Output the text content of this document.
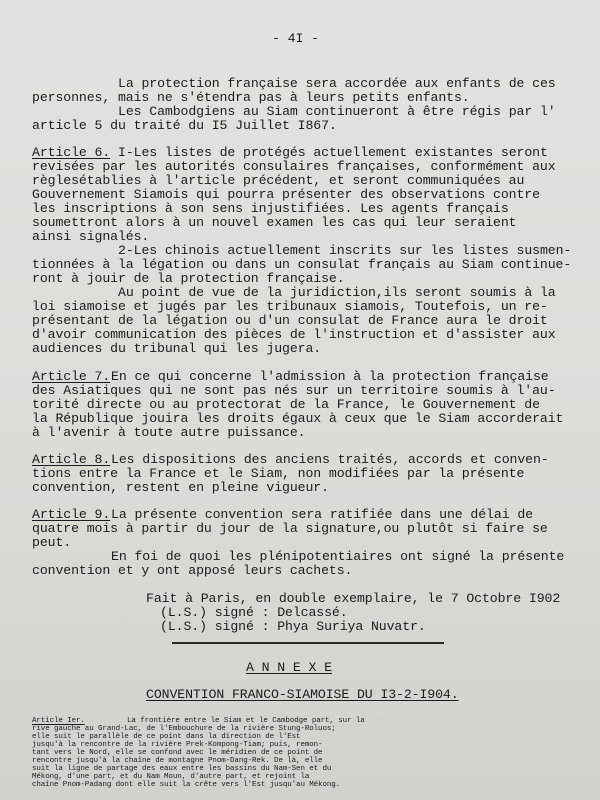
- 4I -
La protection française sera accordée aux enfants de ces
personnes, mais ne s'étendra pas à leurs petits enfants.
Les Cambodgiens au Siam continueront à être régis par l'
article 5 du traité du I5 Juillet I867.
Article 6. I-Les listes de protégés actuellement existantes seront
revisées par les autorités consulaires françaises, conformément aux
règlesétablies à l'article précédent, et seront communiquées au
Gouvernement Siamois qui pourra présenter des observations contre
les inscriptions à son sens injustifiées. Les agents français
soumettront alors à un nouvel examen les cas qui leur seraient
ainsi signalés.
2-Les chinois actuellement inscrits sur les listes susmen-
tionnées à la légation ou dans un consulat français au Siam continue-
ront à jouir de la protection française.
Au point de vue de la juridiction,ils seront soumis à la
loi siamoise et jugés par les tribunaux siamois, Toutefois, un re-
présentant de la légation ou d'un consulat de France aura le droit
d'avoir communication des pièces de l'instruction et d'assister aux
audiences du tribunal qui les jugera.
Article 7. En ce qui concerne l'admission à la protection française
des Asiatiques qui ne sont pas nés sur un territoire soumis à l'au-
torité directe ou au protectorat de la France, le Gouvernement de
la République jouira les droits égaux à ceux que le Siam accorderait
à l'avenir à toute autre puissance.
Article 8. Les dispositions des anciens traités, accords et conven-
tions entre la France et le Siam, non modifiées par la présente
convention, restent en pleine vigueur.
Article 9. La présente convention sera ratifiée dans une délai de
quatre mois à partir du jour de la signature,ou plutôt si faire se
peut.
En foi de quoi les plénipotentiaires ont signé la présente
convention et y ont apposé leurs cachets.
Fait à Paris, en double exemplaire, le 7 Octobre I902
(L.S.) signé : Delcassé.
(L.S.) signé : Phya Suriya Nuvatr.
A N N E X E
CONVENTION FRANCO-SIAMOISE DU I3-2-I904.
Article Ier.	La frontière entre le Siam et le Cambodge part, sur la
rive gauche au Grand-Lac, de l'Embouchure de la rivière Stung-Roluos;
elle suit le parallèle de ce point dans la direction de l'Est
jusqu'à la rencontre de la rivière Prek-Kompong-Tiam; puis, remon-
tant vers le Nord, elle se confond avec le méridien de ce point de
rencontre jusqu'à la chaîne de montagne Pnom-Dang-Rek. De là, elle
suit la ligne de partage des eaux entre les bassins du Nam-Sen et du
Mékong, d'une part, et du Nam Moun, d'autre part, et rejoint la
chaîne Pnom-Padang dont elle suit la crête vers l'Est jusqu'au Mékong.
